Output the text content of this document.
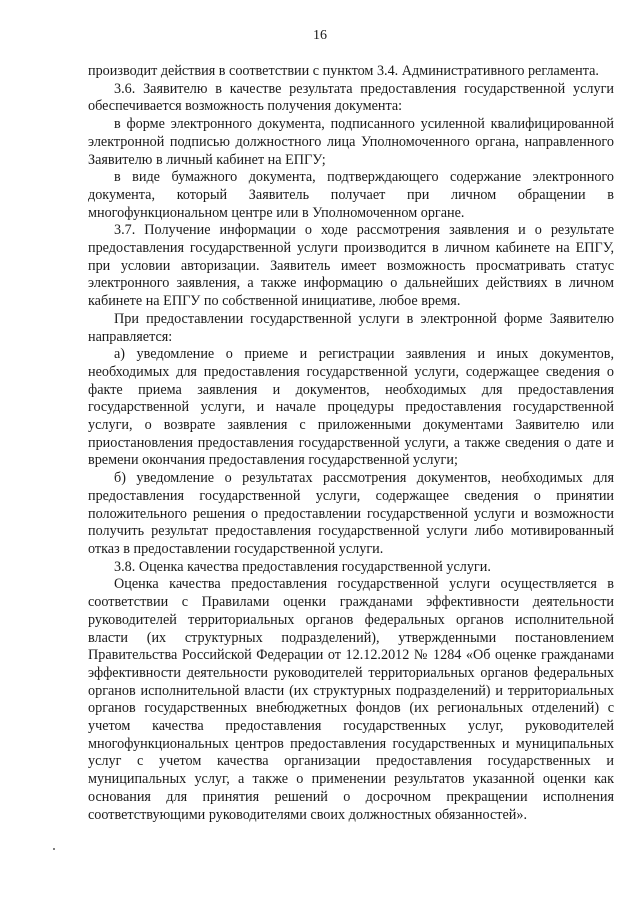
16

производит действия в соответствии с пунктом 3.4. Административного регламента.

3.6. Заявителю в качестве результата предоставления государственной услуги обеспечивается возможность получения документа:

в форме электронного документа, подписанного усиленной квалифицированной электронной подписью должностного лица Уполномоченного органа, направленного Заявителю в личный кабинет на ЕПГУ;

в виде бумажного документа, подтверждающего содержание электронного документа, который Заявитель получает при личном обращении в многофункциональном центре или в Уполномоченном органе.

3.7. Получение информации о ходе рассмотрения заявления и о результате предоставления государственной услуги производится в личном кабинете на ЕПГУ, при условии авторизации. Заявитель имеет возможность просматривать статус электронного заявления, а также информацию о дальнейших действиях в личном кабинете на ЕПГУ по собственной инициативе, любое время.

При предоставлении государственной услуги в электронной форме Заявителю направляется:

а) уведомление о приеме и регистрации заявления и иных документов, необходимых для предоставления государственной услуги, содержащее сведения о факте приема заявления и документов, необходимых для предоставления государственной услуги, и начале процедуры предоставления государственной услуги, о возврате заявления с приложенными документами Заявителю или приостановления предоставления государственной услуги, а также сведения о дате и времени окончания предоставления государственной услуги;

б) уведомление о результатах рассмотрения документов, необходимых для предоставления государственной услуги, содержащее сведения о принятии положительного решения о предоставлении государственной услуги и возможности получить результат предоставления государственной услуги либо мотивированный отказ в предоставлении государственной услуги.

3.8. Оценка качества предоставления государственной услуги.

Оценка качества предоставления государственной услуги осуществляется в соответствии с Правилами оценки гражданами эффективности деятельности руководителей территориальных органов федеральных органов исполнительной власти (их структурных подразделений), утвержденными постановлением Правительства Российской Федерации от 12.12.2012 № 1284 «Об оценке гражданами эффективности деятельности руководителей территориальных органов федеральных органов исполнительной власти (их структурных подразделений) и территориальных органов государственных внебюджетных фондов (их региональных отделений) с учетом качества предоставления государственных услуг, руководителей многофункциональных центров предоставления государственных и муниципальных услуг с учетом качества организации предоставления государственных и муниципальных услуг, а также о применении результатов указанной оценки как основания для принятия решений о досрочном прекращении исполнения соответствующими руководителями своих должностных обязанностей».
